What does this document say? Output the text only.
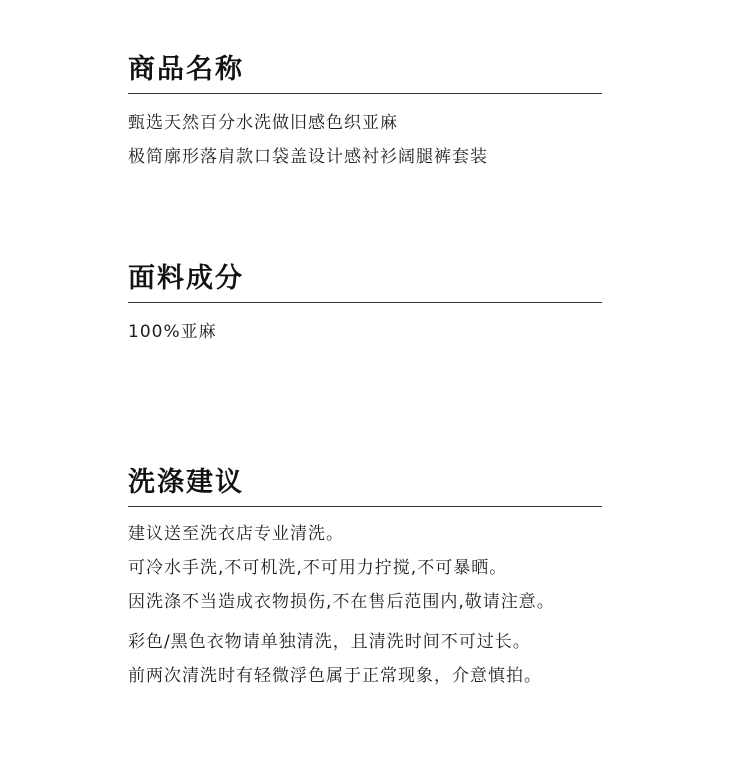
商品名称
甄选天然百分水洗做旧感色织亚麻
极简廓形落肩款口袋盖设计感衬衫阔腿裤套装
面料成分
100%亚麻
洗涤建议
建议送至洗衣店专业清洗。
可冷水手洗,不可机洗,不可用力拧搅,不可暴晒。
因洗涤不当造成衣物损伤,不在售后范围内,敬请注意。
彩色/黑色衣物请单独清洗，且清洗时间不可过长。
前两次清洗时有轻微浮色属于正常现象，介意慎拍。
